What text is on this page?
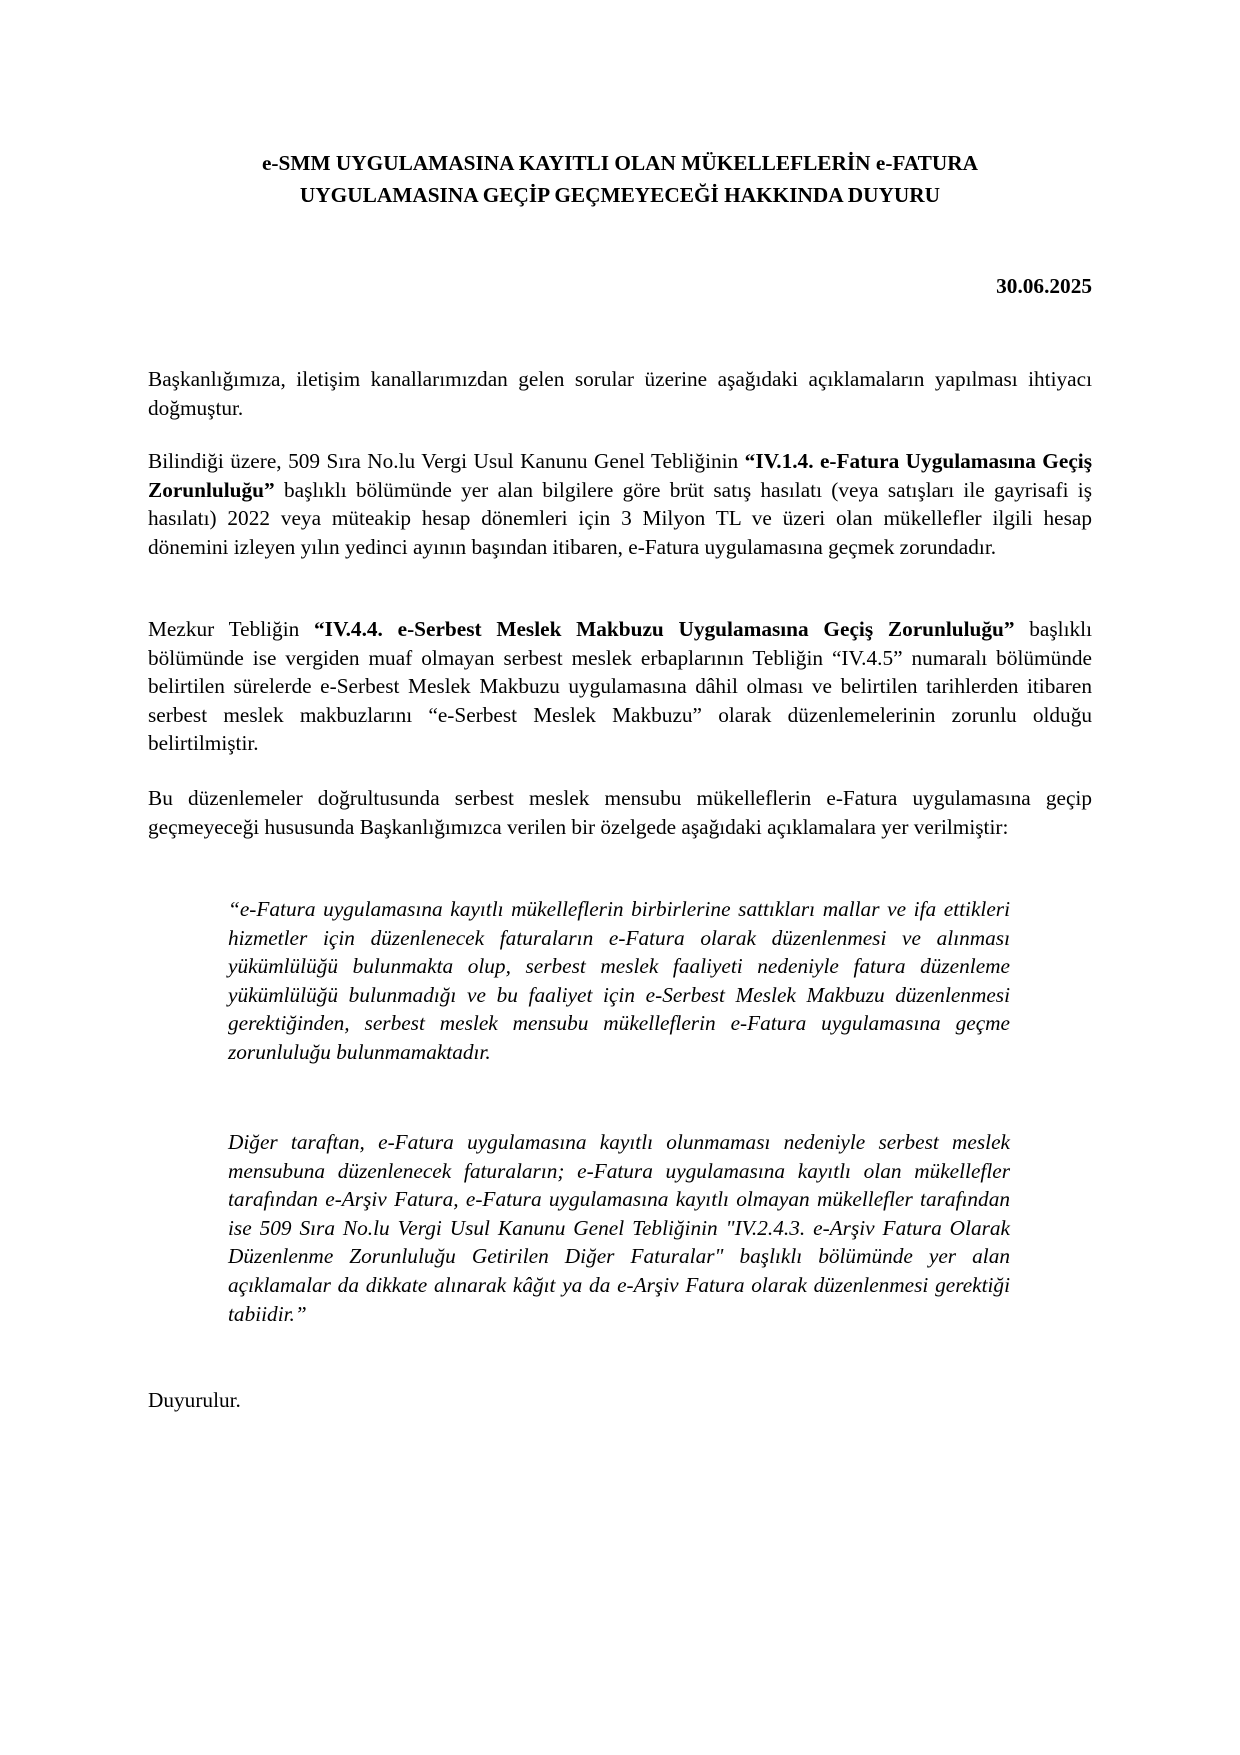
e-SMM UYGULAMASINA KAYITLI OLAN MÜKELLEFLERİN e-FATURA
UYGULAMASINA GEÇİP GEÇMEYECEĞİ HAKKINDA DUYURU
30.06.2025

Başkanlığımıza, iletişim kanallarımızdan gelen sorular üzerine aşağıdaki açıklamaların yapılması ihtiyacı doğmuştur.

Bilindiği üzere, 509 Sıra No.lu Vergi Usul Kanunu Genel Tebliğinin “IV.1.4. e-Fatura Uygulamasına Geçiş Zorunluluğu” başlıklı bölümünde yer alan bilgilere göre brüt satış hasılatı (veya satışları ile gayrisafi iş hasılatı) 2022 veya müteakip hesap dönemleri için 3 Milyon TL ve üzeri olan mükellefler ilgili hesap dönemini izleyen yılın yedinci ayının başından itibaren, e-Fatura uygulamasına geçmek zorundadır.

Mezkur Tebliğin “IV.4.4. e-Serbest Meslek Makbuzu Uygulamasına Geçiş Zorunluluğu” başlıklı bölümünde ise vergiden muaf olmayan serbest meslek erbaplarının Tebliğin “IV.4.5” numaralı bölümünde belirtilen sürelerde e-Serbest Meslek Makbuzu uygulamasına dâhil olması ve belirtilen tarihlerden itibaren serbest meslek makbuzlarını “e-Serbest Meslek Makbuzu” olarak düzenlemelerinin zorunlu olduğu belirtilmiştir.

Bu düzenlemeler doğrultusunda serbest meslek mensubu mükelleflerin e-Fatura uygulamasına geçip geçmeyeceği hususunda Başkanlığımızca verilen bir özelgede aşağıdaki açıklamalara yer verilmiştir:

“e-Fatura uygulamasına kayıtlı mükelleflerin birbirlerine sattıkları mallar ve ifa ettikleri hizmetler için düzenlenecek faturaların e-Fatura olarak düzenlenmesi ve alınması yükümlülüğü bulunmakta olup, serbest meslek faaliyeti nedeniyle fatura düzenleme yükümlülüğü bulunmadığı ve bu faaliyet için e-Serbest Meslek Makbuzu düzenlenmesi gerektiğinden, serbest meslek mensubu mükelleflerin e-Fatura uygulamasına geçme zorunluluğu bulunmamaktadır.

Diğer taraftan, e-Fatura uygulamasına kayıtlı olunmaması nedeniyle serbest meslek mensubuna düzenlenecek faturaların; e-Fatura uygulamasına kayıtlı olan mükellefler tarafından e-Arşiv Fatura, e-Fatura uygulamasına kayıtlı olmayan mükellefler tarafından ise 509 Sıra No.lu Vergi Usul Kanunu Genel Tebliğinin "IV.2.4.3. e-Arşiv Fatura Olarak Düzenlenme Zorunluluğu Getirilen Diğer Faturalar" başlıklı bölümünde yer alan açıklamalar da dikkate alınarak kâğıt ya da e-Arşiv Fatura olarak düzenlenmesi gerektiği tabiidir.”

Duyurulur.
